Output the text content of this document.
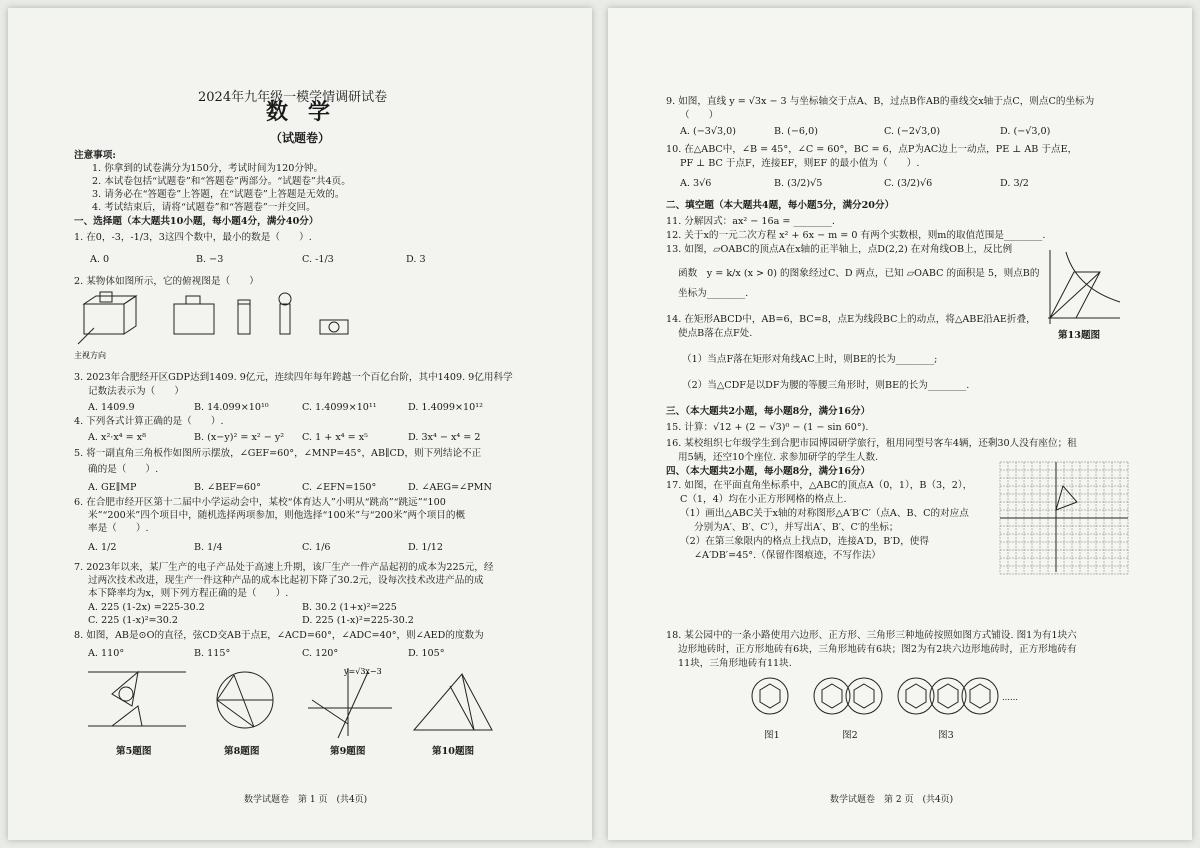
2024年九年级一模学情调研试卷
数学
（试题卷）
注意事项:
1. 你拿到的试卷满分为150分，考试时间为120分钟。
2. 本试卷包括“试题卷”和“答题卷”两部分。“试题卷”共4页。
3. 请务必在“答题卷”上答题，在“试题卷”上答题是无效的。
4. 考试结束后，请将“试题卷”和“答题卷”一并交回。
一、选择题（本大题共10小题，每小题4分，满分40分）
1. 在0，-3，-1/3，3这四个数中，最小的数是（　　）.
A. 0	B. −3	C. -1/3	D. 3
2. 某物体如图所示，它的俯视图是（　　）
主视方向
3. 2023年合肥经开区GDP达到1409. 9亿元，连续四年每年跨越一个百亿台阶，其中1409. 9亿用科学
记数法表示为（　　）
A. 1409.9	B. 14.099×10¹⁰	C. 1.4099×10¹¹	D. 1.4099×10¹²
4. 下列各式计算正确的是（　　）.
A. x²·x⁴ = x⁸	B. (x−y)² = x² − y² C. 1 + x⁴ = x⁵	D. 3x⁴ − x⁴ = 2
5. 将一副直角三角板作如图所示摆放，∠GEF=60°，∠MNP=45°，AB∥CD，则下列结论不正
确的是（　　）.
A. GE∥MP	B. ∠BEF=60°	C. ∠EFN=150°	D. ∠AEG=∠PMN
6. 在合肥市经开区第十二届中小学运动会中，某校“体育达人”小明从“跳高”“跳远”“100
米”“200米”四个项目中，随机选择两项参加，则他选择“100米”与“200米”两个项目的概
率是（　　）.
A. 1/2	B. 1/4	C. 1/6	D. 1/12
7. 2023年以来，某厂生产的电子产品处于高速上升期，该厂生产一件产品起初的成本为225元，经
过两次技术改进，现生产一件这种产品的成本比起初下降了30.2元，设每次技术改进产品的成
本下降率均为x，则下列方程正确的是（　　）.
A. 225 (1-2x) =225-30.2	B. 30.2 (1+x)²=225
C. 225 (1-x)²=30.2	D. 225 (1-x)²=225-30.2
8. 如图，AB是⊙O的直径，弦CD交AB于点E，∠ACD=60°，∠ADC=40°，则∠AED的度数为
A. 110°	B. 115°	C. 120°	D. 105°
y=√3x−3
第5题图	第8题图	第9题图	第10题图
数学试题卷　第 1 页　(共4页)
9. 如图，直线 y = √3x − 3 与坐标轴交于点A、B，过点B作AB的垂线交x轴于点C，则点C的坐标为
（　　）
A. (−3√3,0)	B. (−6,0)	C. (−2√3,0)	D. (−√3,0)
10. 在△ABC中，∠B = 45°，∠C = 60°，BC = 6，点P为AC边上一动点，PE ⊥ AB 于点E，
PF ⊥ BC 于点F，连接EF，则EF 的最小值为（　　）.
A. 3√6	B. (3/2)√5	C. (3/2)√6	D. 3/2
二、填空题（本大题共4题，每小题5分，满分20分）
11. 分解因式：ax² − 16a = ________.
12. 关于x的一元二次方程 x² + 6x − m = 0 有两个实数根，则m的取值范围是________.
13. 如图，▱OABC的顶点A在x轴的正半轴上，点D(2,2) 在对角线OB上，反比例
函数　y = k/x (x > 0) 的图象经过C、D 两点，已知 ▱OABC 的面积是 5，则点B的
坐标为________.
第13题图
14. 在矩形ABCD中，AB=6，BC=8，点E为线段BC上的动点，将△ABE沿AE折叠，
使点B落在点F处.
（1）当点F落在矩形对角线AC上时，则BE的长为________;
（2）当△CDF是以DF为腰的等腰三角形时，则BE的长为________.
三、（本大题共2小题，每小题8分，满分16分）
15. 计算：√12 + (2 − √3)⁰ − (1 − sin 60°).
16. 某校组织七年级学生到合肥市园博园研学旅行，租用同型号客车4辆，还剩30人没有座位；租
用5辆，还空10个座位. 求参加研学的学生人数.
四、（本大题共2小题，每小题8分，满分16分）
17. 如图，在平面直角坐标系中，△ABC的顶点A（0，1），B（3，2），
C（1，4）均在小正方形网格的格点上.
（1）画出△ABC关于x轴的对称图形△A′B′C′（点A、B、C的对应点
分别为A′、B′、C′），并写出A′、B′、C′的坐标；
（2）在第三象限内的格点上找点D，连接A′D，B′D，使得
∠A′DB′=45°.（保留作图痕迹，不写作法）
18. 某公园中的一条小路使用六边形、正方形、三角形三种地砖按照如图方式铺设. 图1为有1块六
边形地砖时，正方形地砖有6块，三角形地砖有6块；图2为有2块六边形地砖时，正方形地砖有
11块，三角形地砖有11块.
……
图1	图2	图3
数学试题卷　第 2 页　(共4页)
